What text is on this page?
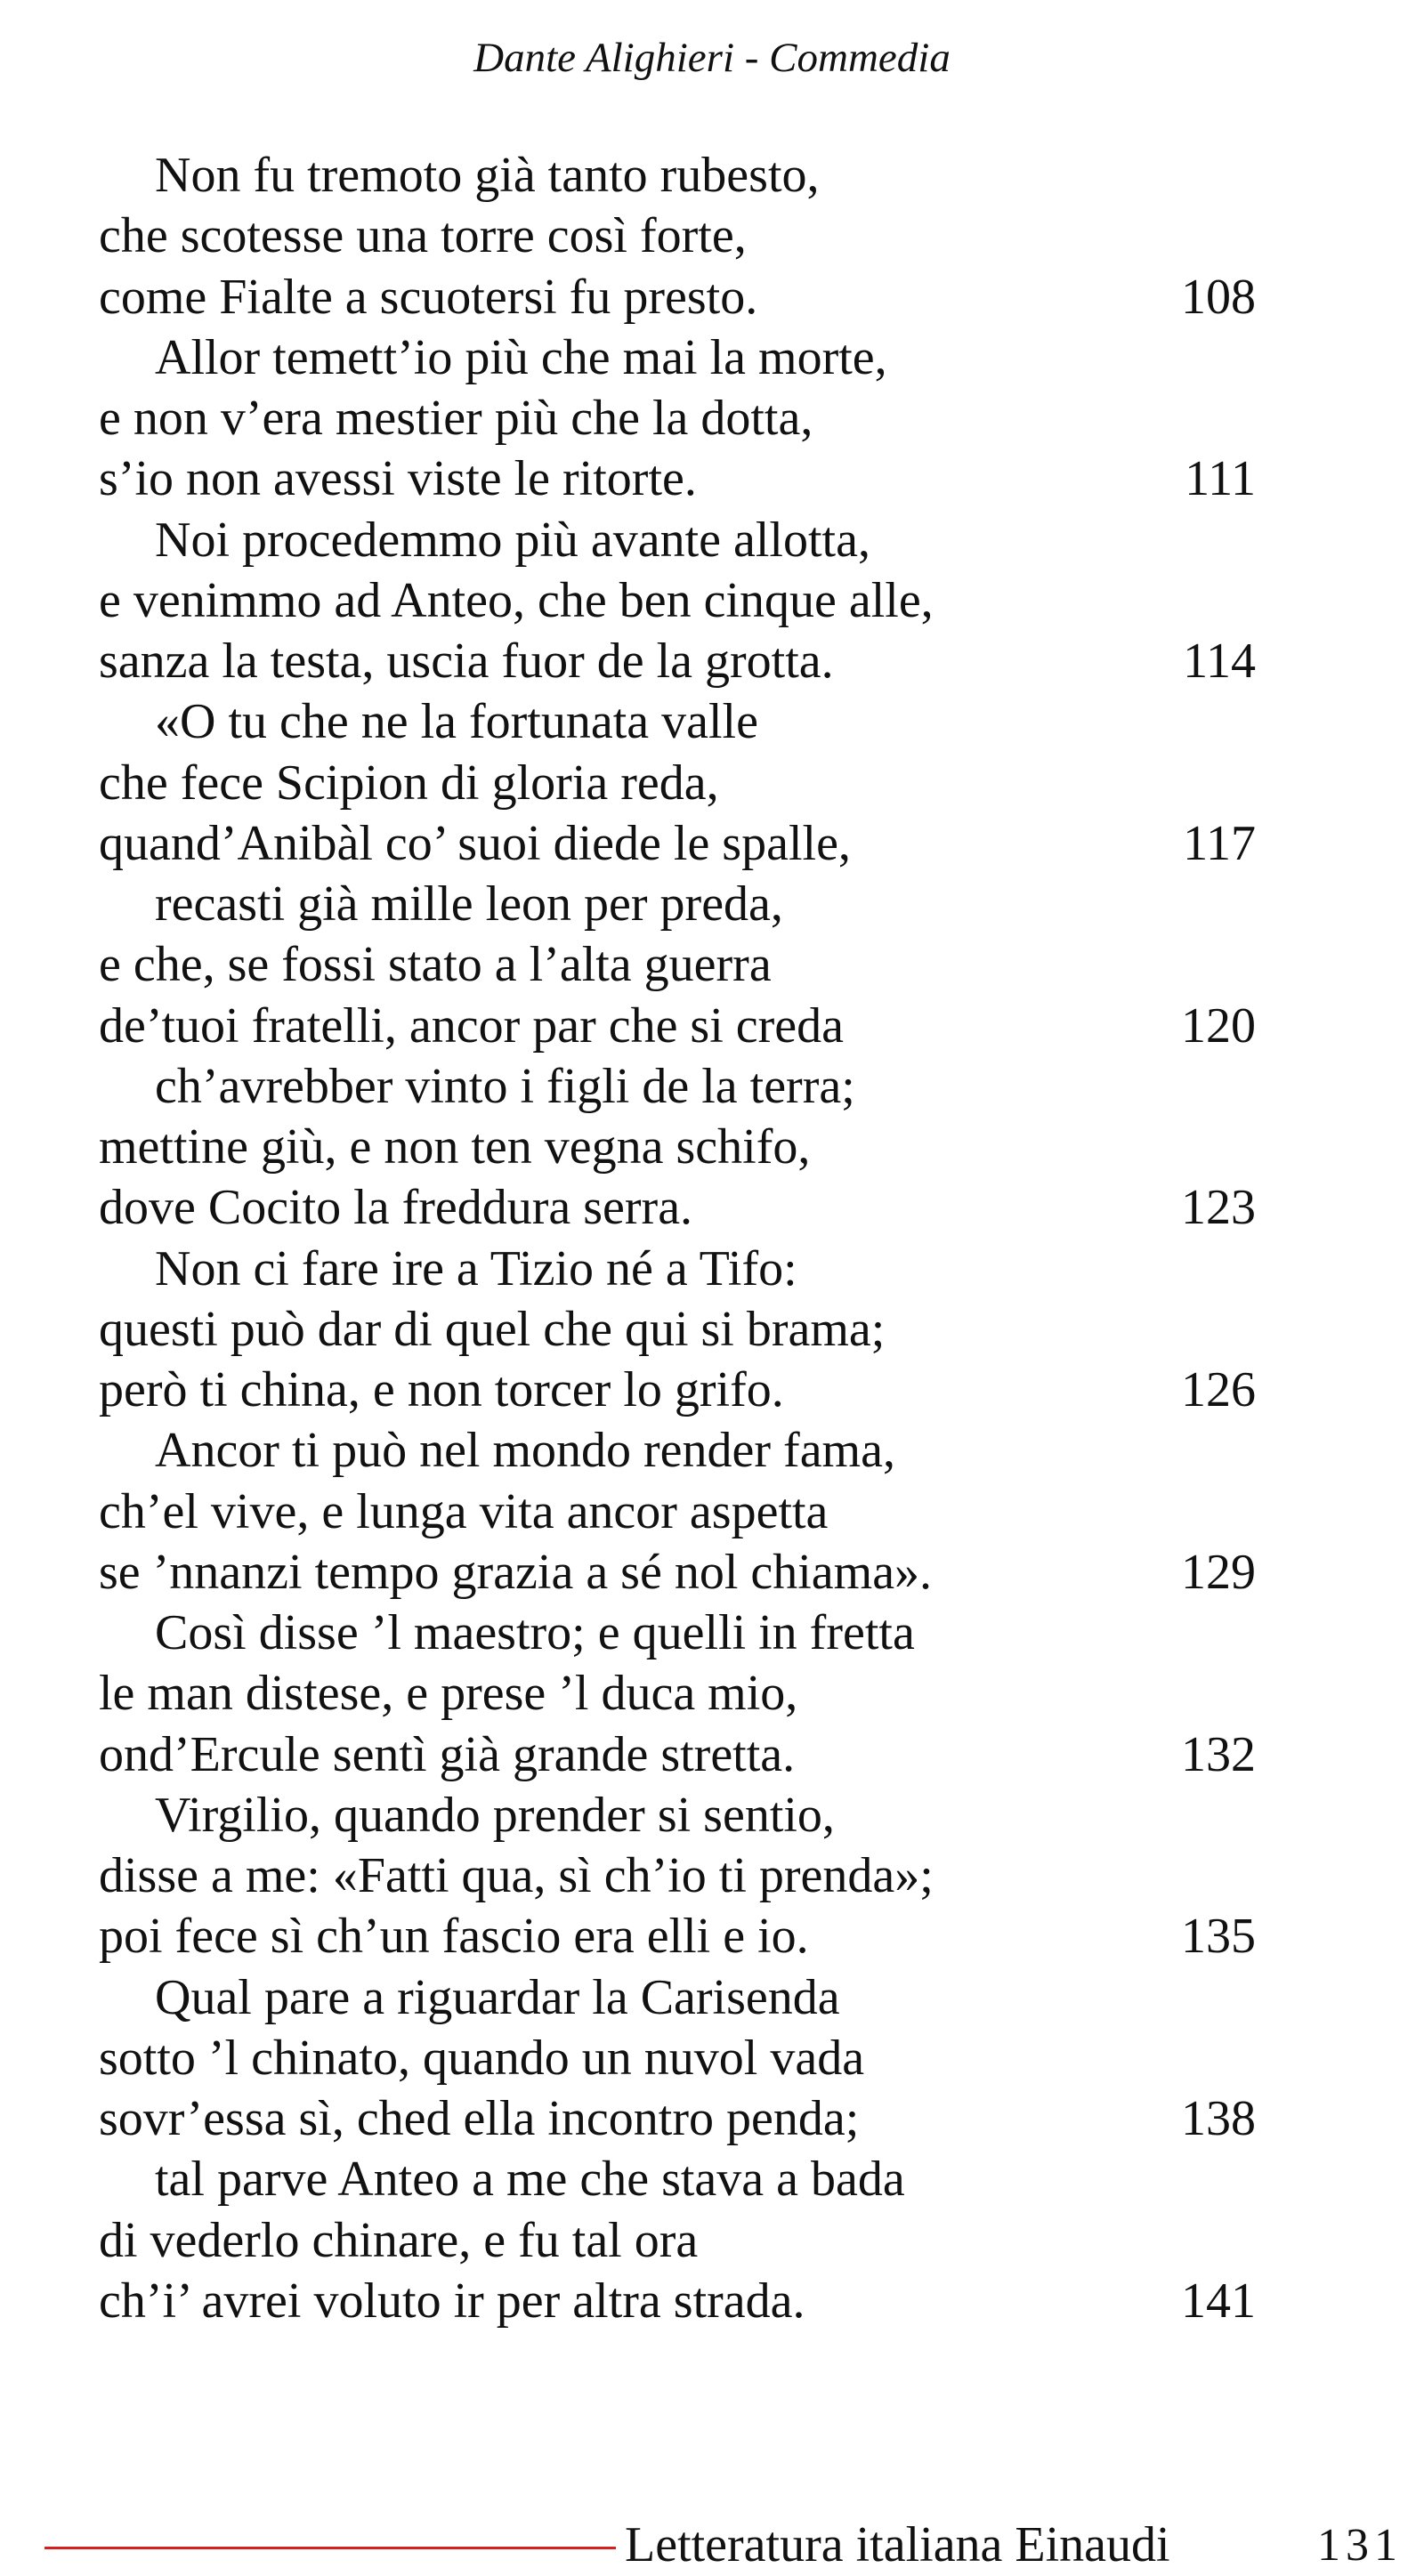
Dante Alighieri - Commedia
Non fu tremoto già tanto rubesto,
che scotesse una torre così forte,
come Fialte a scuotersi fu presto.	108
Allor temett’io più che mai la morte,
e non v’era mestier più che la dotta,
s’io non avessi viste le ritorte.	111
Noi procedemmo più avante allotta,
e venimmo ad Anteo, che ben cinque alle,
sanza la testa, uscia fuor de la grotta.	114
«O tu che ne la fortunata valle
che fece Scipion di gloria reda,
quand’Anibàl co’ suoi diede le spalle,	117
recasti già mille leon per preda,
e che, se fossi stato a l’alta guerra
de’tuoi fratelli, ancor par che si creda	120
ch’avrebber vinto i figli de la terra;
mettine giù, e non ten vegna schifo,
dove Cocito la freddura serra.	123
Non ci fare ire a Tizio né a Tifo:
questi può dar di quel che qui si brama;
però ti china, e non torcer lo grifo.	126
Ancor ti può nel mondo render fama,
ch’el vive, e lunga vita ancor aspetta
se ’nnanzi tempo grazia a sé nol chiama».	129
Così disse ’l maestro; e quelli in fretta
le man distese, e prese ’l duca mio,
ond’Ercule sentì già grande stretta.	132
Virgilio, quando prender si sentio,
disse a me: «Fatti qua, sì ch’io ti prenda»;
poi fece sì ch’un fascio era elli e io.	135
Qual pare a riguardar la Carisenda
sotto ’l chinato, quando un nuvol vada
sovr’essa sì, ched ella incontro penda;	138
tal parve Anteo a me che stava a bada
di vederlo chinare, e fu tal ora
ch’i’ avrei voluto ir per altra strada.	141
Letteratura italiana Einaudi	131
